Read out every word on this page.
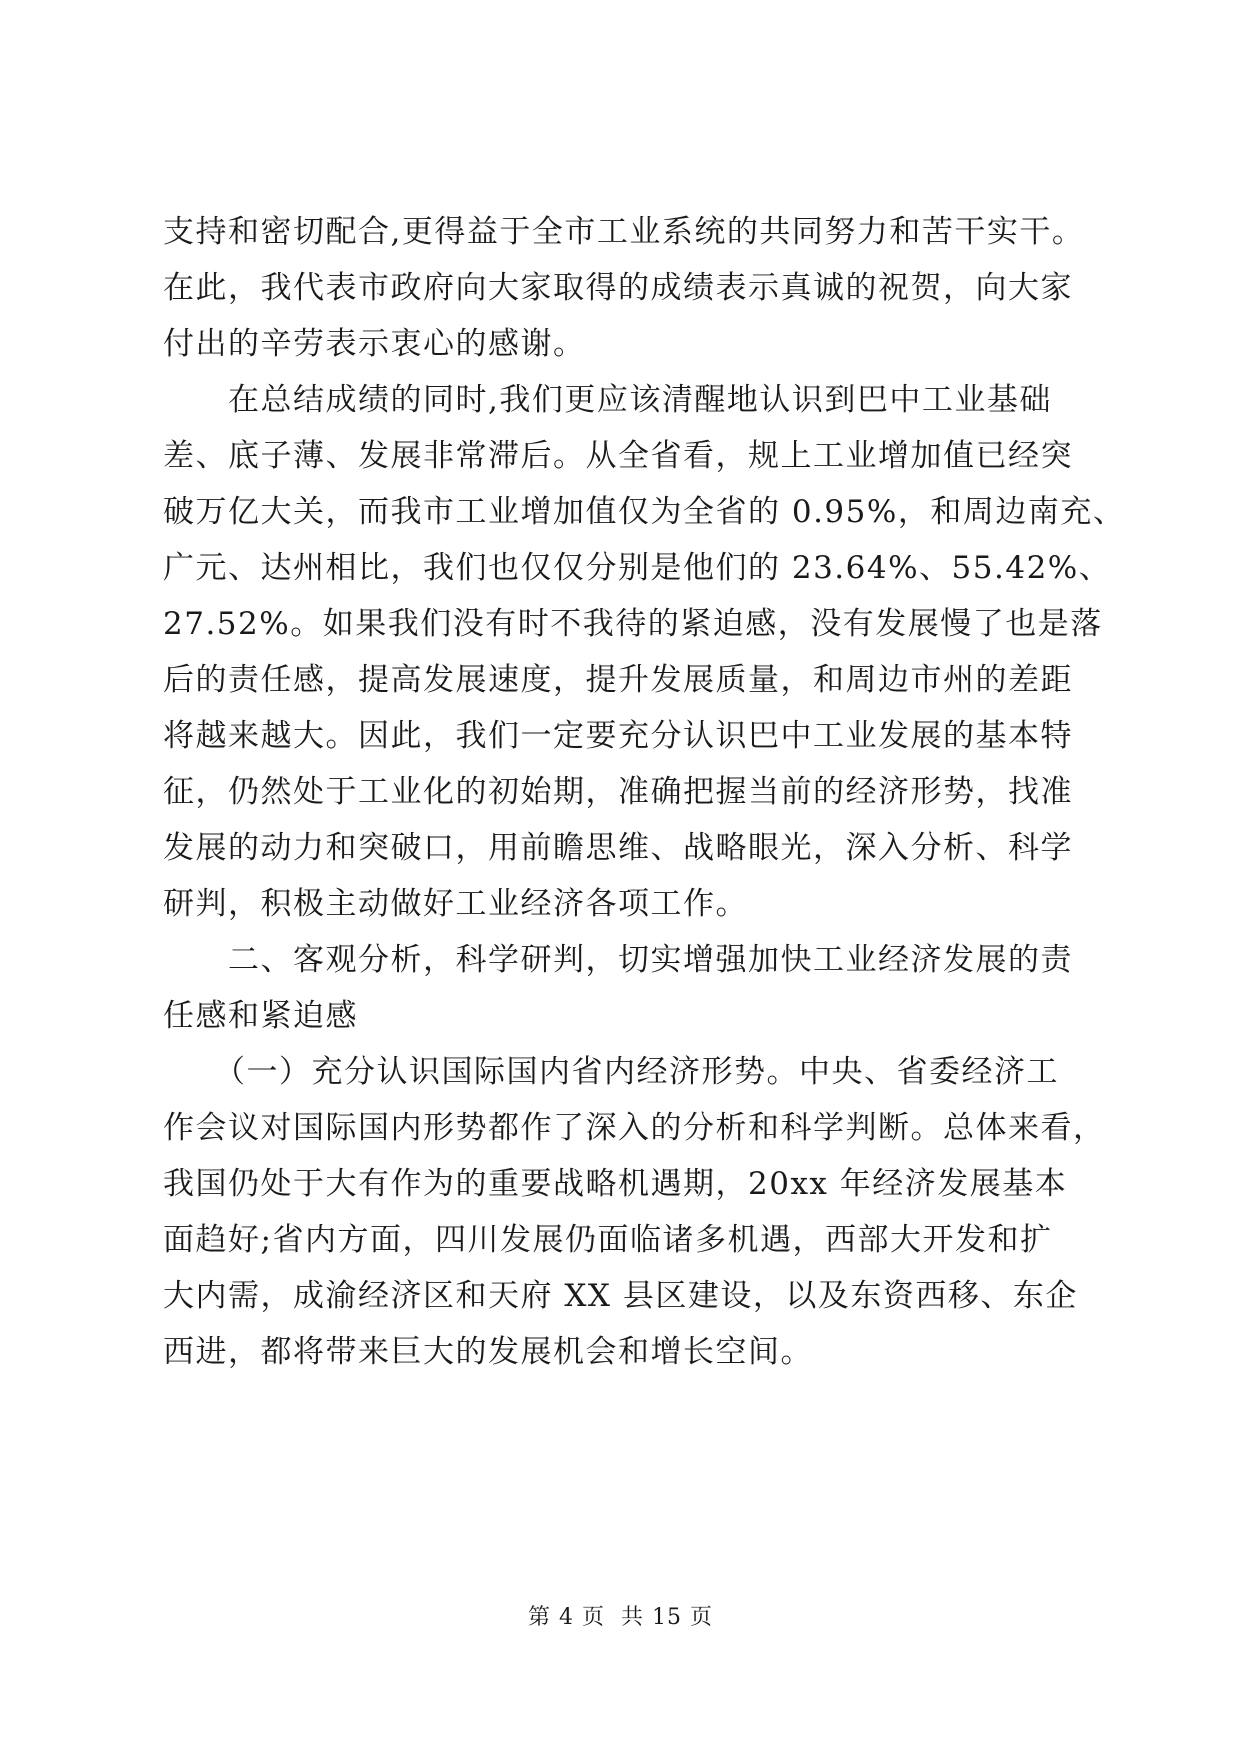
支持和密切配合,更得益于全市工业系统的共同努力和苦干实干。
在此，我代表市政府向大家取得的成绩表示真诚的祝贺，向大家
付出的辛劳表示衷心的感谢。
在总结成绩的同时,我们更应该清醒地认识到巴中工业基础
差、底子薄、发展非常滞后。从全省看，规上工业增加值已经突
破万亿大关，而我市工业增加值仅为全省的 0.95%，和周边南充、
广元、达州相比，我们也仅仅分别是他们的 23.64%、55.42%、
27.52%。如果我们没有时不我待的紧迫感，没有发展慢了也是落
后的责任感，提高发展速度，提升发展质量，和周边市州的差距
将越来越大。因此，我们一定要充分认识巴中工业发展的基本特
征，仍然处于工业化的初始期，准确把握当前的经济形势，找准
发展的动力和突破口，用前瞻思维、战略眼光，深入分析、科学
研判，积极主动做好工业经济各项工作。
二、客观分析，科学研判，切实增强加快工业经济发展的责
任感和紧迫感
（一）充分认识国际国内省内经济形势。中央、省委经济工
作会议对国际国内形势都作了深入的分析和科学判断。总体来看，
我国仍处于大有作为的重要战略机遇期，20xx 年经济发展基本
面趋好;省内方面，四川发展仍面临诸多机遇，西部大开发和扩
大内需，成渝经济区和天府 XX 县区建设，以及东资西移、东企
西进，都将带来巨大的发展机会和增长空间。
第 4 页 共 15 页
